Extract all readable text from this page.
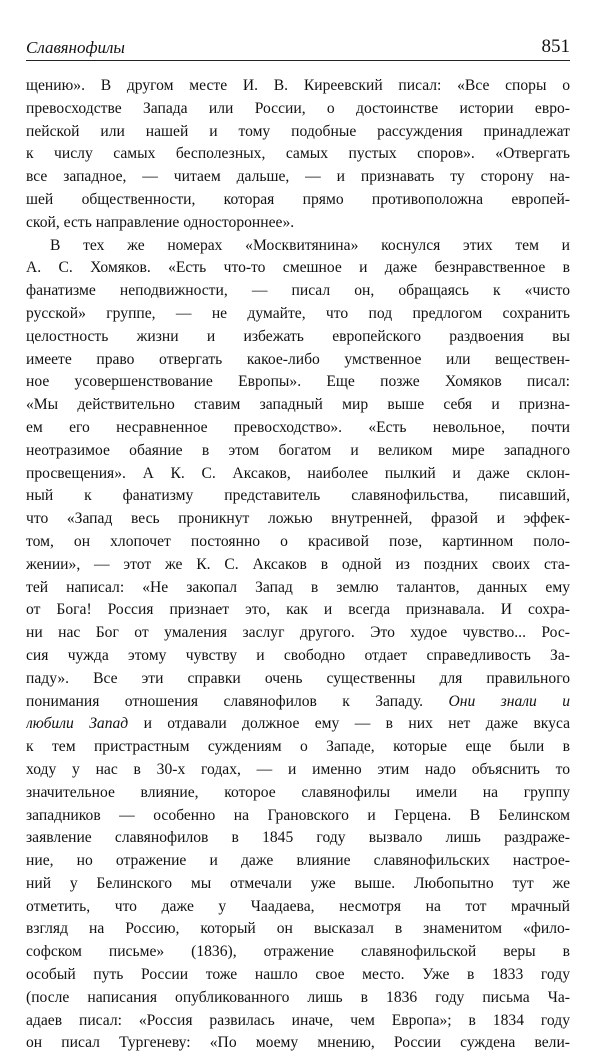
Славянофилы	851
щению». В другом месте И. В. Киреевский писал: «Все споры о
превосходстве Запада или России, о достоинстве истории евро-
пейской или нашей и тому подобные рассуждения принадлежат
к числу самых бесполезных, самых пустых споров». «Отвергать
все западное, — читаем дальше, — и признавать ту сторону на-
шей общественности, которая прямо противоположна европей-
ской, есть направление одностороннее».
В тех же номерах «Москвитянина» коснулся этих тем и
А. С. Хомяков. «Есть что-то смешное и даже безнравственное в
фанатизме неподвижности, — писал он, обращаясь к «чисто
русской» группе, — не думайте, что под предлогом сохранить
целостность жизни и избежать европейского раздвоения вы
имеете право отвергать какое-либо умственное или веществен-
ное усовершенствование Европы». Еще позже Хомяков писал:
«Мы действительно ставим западный мир выше себя и призна-
ем его несравненное превосходство». «Есть невольное, почти
неотразимое обаяние в этом богатом и великом мире западного
просвещения». А К. С. Аксаков, наиболее пылкий и даже склон-
ный к фанатизму представитель славянофильства, писавший,
что «Запад весь проникнут ложью внутренней, фразой и эффек-
том, он хлопочет постоянно о красивой позе, картинном поло-
жении», — этот же К. С. Аксаков в одной из поздних своих ста-
тей написал: «Не закопал Запад в землю талантов, данных ему
от Бога! Россия признает это, как и всегда признавала. И сохра-
ни нас Бог от умаления заслуг другого. Это худое чувство... Рос-
сия чужда этому чувству и свободно отдает справедливость За-
паду». Все эти справки очень существенны для правильного
понимания отношения славянофилов к Западу. Они знали и
любили Запад и отдавали должное ему — в них нет даже вкуса
к тем пристрастным суждениям о Западе, которые еще были в
ходу у нас в 30-х годах, — и именно этим надо объяснить то
значительное влияние, которое славянофилы имели на группу
западников — особенно на Грановского и Герцена. В Белинском
заявление славянофилов в 1845 году вызвало лишь раздраже-
ние, но отражение и даже влияние славянофильских настрое-
ний у Белинского мы отмечали уже выше. Любопытно тут же
отметить, что даже у Чаадаева, несмотря на тот мрачный
взгляд на Россию, который он высказал в знаменитом «фило-
софском письме» (1836), отражение славянофильской веры в
особый путь России тоже нашло свое место. Уже в 1833 году
(после написания опубликованного лишь в 1836 году письма Ча-
адаев писал: «Россия развилась иначе, чем Европа»; в 1834 году
он писал Тургеневу: «По моему мнению, России суждена вели-
